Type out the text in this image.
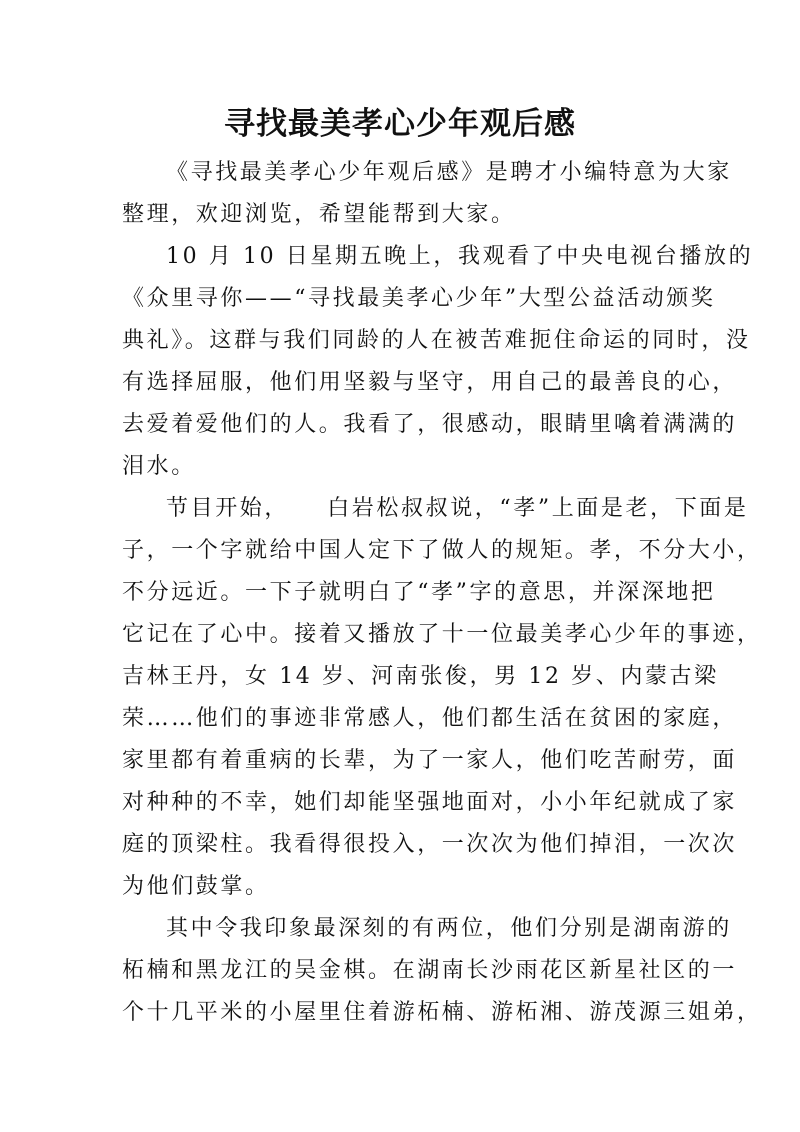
寻找最美孝心少年观后感
《寻找最美孝心少年观后感》是聘才小编特意为大家
整理，欢迎浏览，希望能帮到大家。
10 月 10 日星期五晚上，我观看了中央电视台播放的
《众里寻你——“寻找最美孝心少年”大型公益活动颁奖
典礼》。这群与我们同龄的人在被苦难扼住命运的同时，没
有选择屈服，他们用坚毅与坚守，用自己的最善良的心，
去爱着爱他们的人。我看了，很感动，眼睛里噙着满满的
泪水。
节目开始，　　白岩松叔叔说，“孝”上面是老，下面是
子，一个字就给中国人定下了做人的规矩。孝，不分大小，
不分远近。一下子就明白了“孝”字的意思，并深深地把
它记在了心中。接着又播放了十一位最美孝心少年的事迹，
吉林王丹，女 14 岁、河南张俊，男 12 岁、内蒙古梁
荣……他们的事迹非常感人，他们都生活在贫困的家庭，
家里都有着重病的长辈，为了一家人，他们吃苦耐劳，面
对种种的不幸，她们却能坚强地面对，小小年纪就成了家
庭的顶梁柱。我看得很投入，一次次为他们掉泪，一次次
为他们鼓掌。
其中令我印象最深刻的有两位，他们分别是湖南游的
柘楠和黑龙江的吴金棋。在湖南长沙雨花区新星社区的一
个十几平米的小屋里住着游柘楠、游柘湘、游茂源三姐弟，
